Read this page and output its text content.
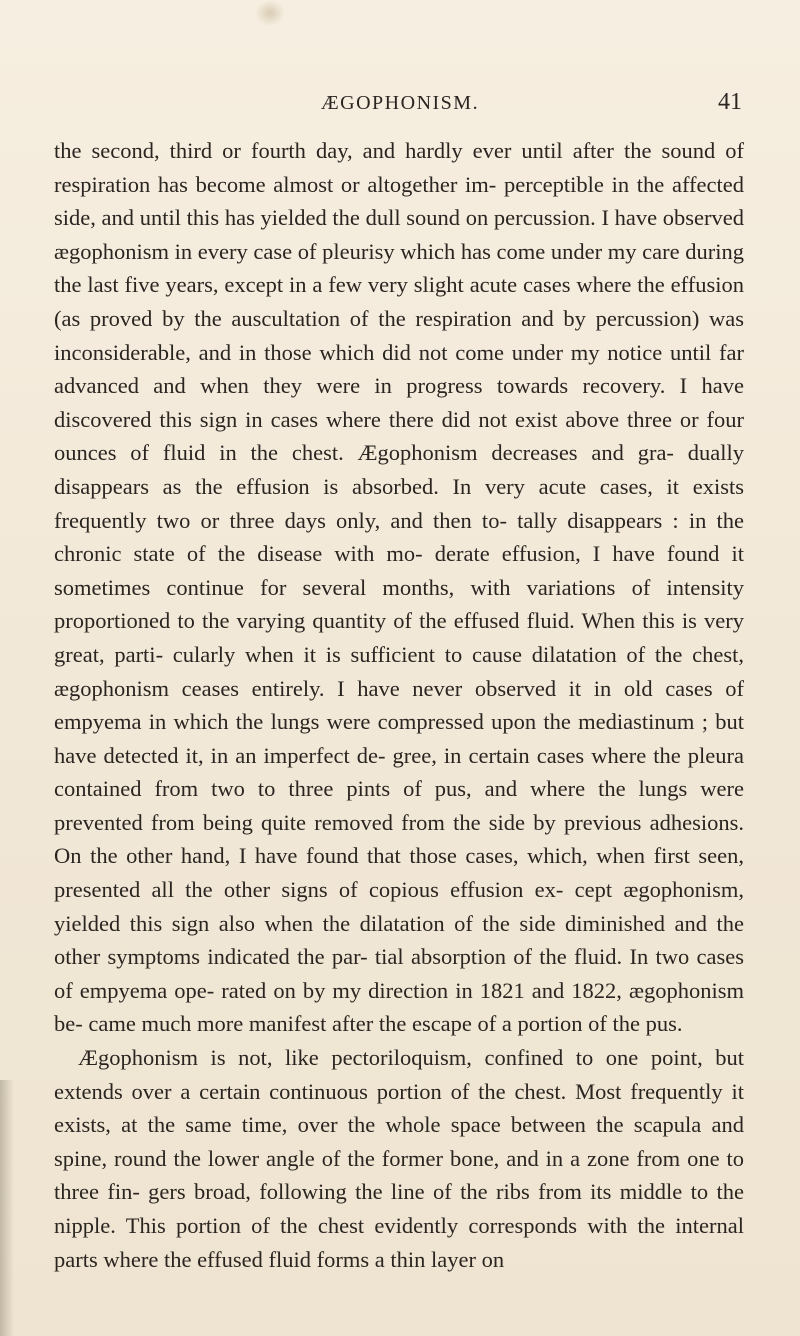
ÆGOPHONISM.	41

the second, third or fourth day, and hardly ever until after the sound of respiration has become almost or altogether im- perceptible in the affected side, and until this has yielded the dull sound on percussion. I have observed ægophonism in every case of pleurisy which has come under my care during the last five years, except in a few very slight acute cases where the effusion (as proved by the auscultation of the respiration and by percussion) was inconsiderable, and in those which did not come under my notice until far advanced and when they were in progress towards recovery. I have discovered this sign in cases where there did not exist above three or four ounces of fluid in the chest. Ægophonism decreases and gra- dually disappears as the effusion is absorbed. In very acute cases, it exists frequently two or three days only, and then to- tally disappears : in the chronic state of the disease with mo- derate effusion, I have found it sometimes continue for several months, with variations of intensity proportioned to the varying quantity of the effused fluid. When this is very great, parti- cularly when it is sufficient to cause dilatation of the chest, ægophonism ceases entirely. I have never observed it in old cases of empyema in which the lungs were compressed upon the mediastinum ; but have detected it, in an imperfect de- gree, in certain cases where the pleura contained from two to three pints of pus, and where the lungs were prevented from being quite removed from the side by previous adhesions. On the other hand, I have found that those cases, which, when first seen, presented all the other signs of copious effusion ex- cept ægophonism, yielded this sign also when the dilatation of the side diminished and the other symptoms indicated the par- tial absorption of the fluid. In two cases of empyema ope- rated on by my direction in 1821 and 1822, ægophonism be- came much more manifest after the escape of a portion of the pus.

Ægophonism is not, like pectoriloquism, confined to one point, but extends over a certain continuous portion of the chest. Most frequently it exists, at the same time, over the whole space between the scapula and spine, round the lower angle of the former bone, and in a zone from one to three fin- gers broad, following the line of the ribs from its middle to the nipple. This portion of the chest evidently corresponds with the internal parts where the effused fluid forms a thin layer on
